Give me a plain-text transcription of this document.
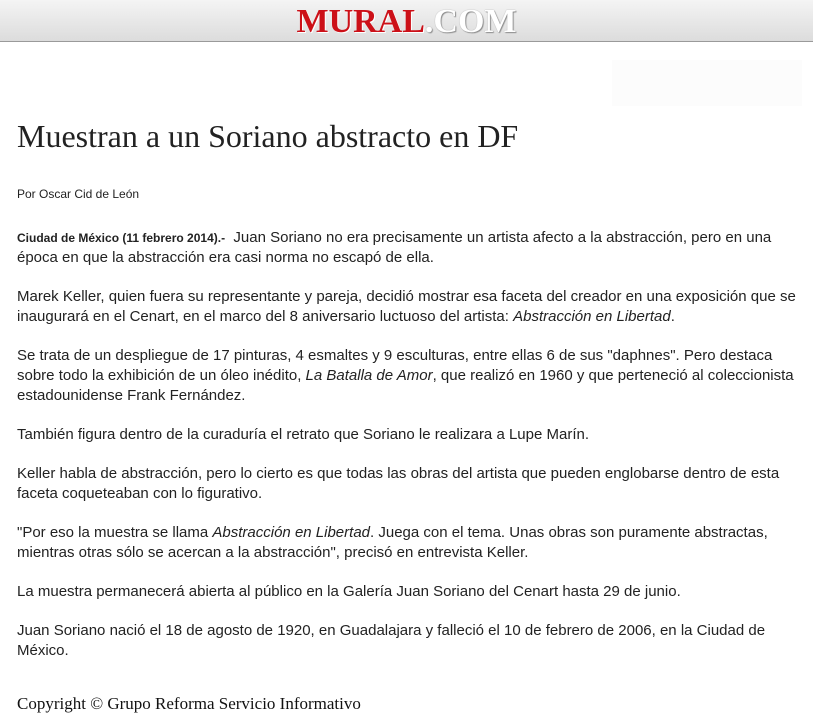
MURAL.COM
Muestran a un Soriano abstracto en DF
Por Oscar Cid de León

Ciudad de México (11 febrero 2014).- Juan Soriano no era precisamente un artista afecto a la abstracción, pero en una época en que la abstracción era casi norma no escapó de ella.

Marek Keller, quien fuera su representante y pareja, decidió mostrar esa faceta del creador en una exposición que se inaugurará en el Cenart, en el marco del 8 aniversario luctuoso del artista: Abstracción en Libertad.

Se trata de un despliegue de 17 pinturas, 4 esmaltes y 9 esculturas, entre ellas 6 de sus "daphnes". Pero destaca sobre todo la exhibición de un óleo inédito, La Batalla de Amor, que realizó en 1960 y que perteneció al coleccionista estadounidense Frank Fernández.

También figura dentro de la curaduría el retrato que Soriano le realizara a Lupe Marín.

Keller habla de abstracción, pero lo cierto es que todas las obras del artista que pueden englobarse dentro de esta faceta coqueteaban con lo figurativo.

"Por eso la muestra se llama Abstracción en Libertad. Juega con el tema. Unas obras son puramente abstractas, mientras otras sólo se acercan a la abstracción", precisó en entrevista Keller.

La muestra permanecerá abierta al público en la Galería Juan Soriano del Cenart hasta 29 de junio.

Juan Soriano nació el 18 de agosto de 1920, en Guadalajara y falleció el 10 de febrero de 2006, en la Ciudad de México.

Copyright © Grupo Reforma Servicio Informativo
